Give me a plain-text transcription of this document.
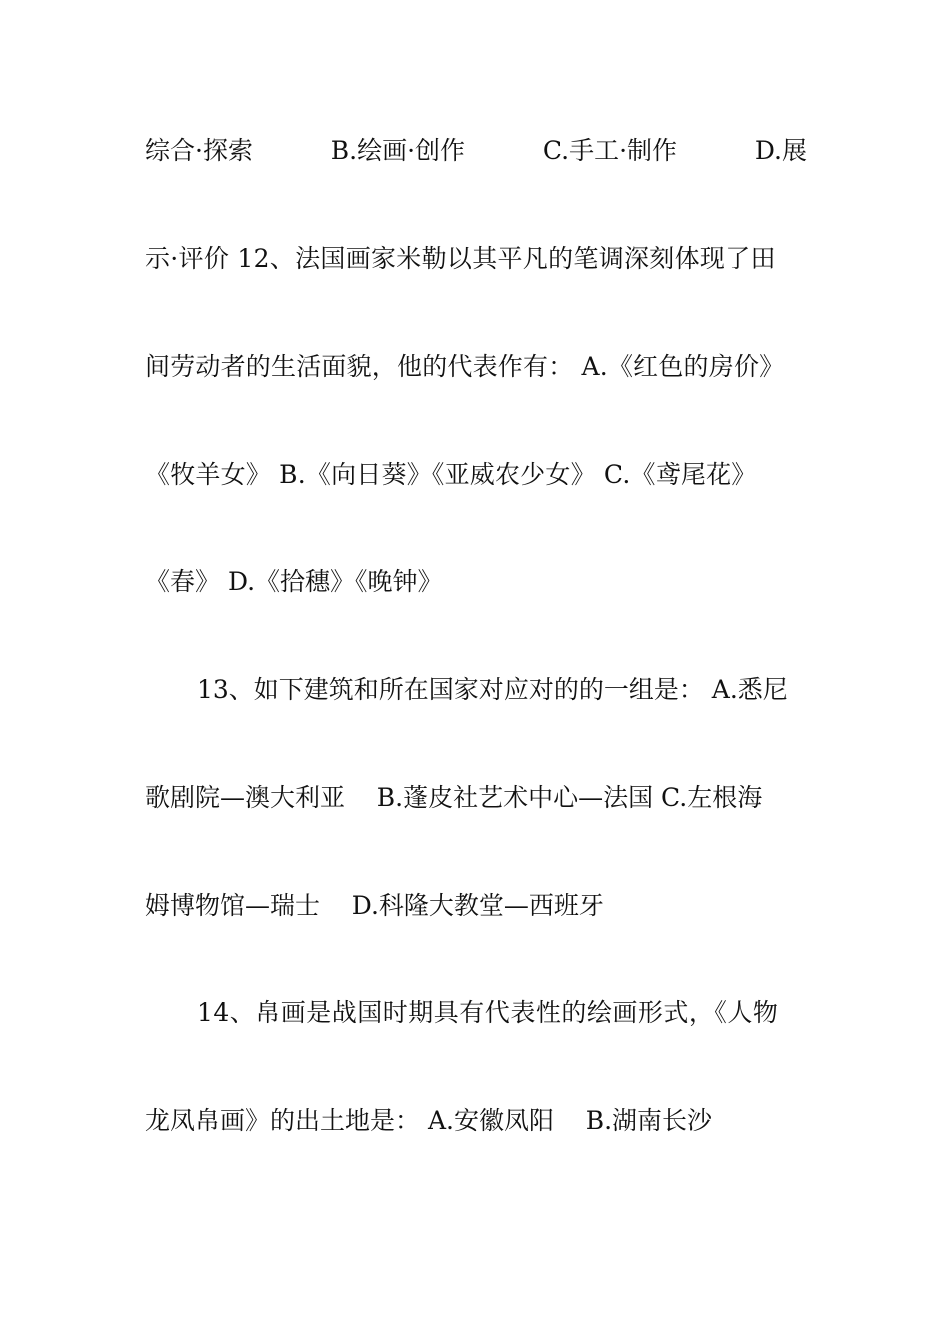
综合·探索	B.绘画·创作	C.手工·制作	D.展
示·评价 12、法国画家米勒以其平凡的笔调深刻体现了田
间劳动者的生活面貌，他的代表作有： A.《红色的房价》
《牧羊女》 B.《向日葵》《亚威农少女》 C.《鸢尾花》
《春》 D.《拾穗》《晚钟》
13、如下建筑和所在国家对应对的的一组是： A.悉尼
歌剧院—澳大利亚    B.蓬皮社艺术中心—法国 C.左根海
姆博物馆—瑞士    D.科隆大教堂—西班牙
14、帛画是战国时期具有代表性的绘画形式，《人物
龙凤帛画》的出土地是： A.安徽凤阳    B.湖南长沙
